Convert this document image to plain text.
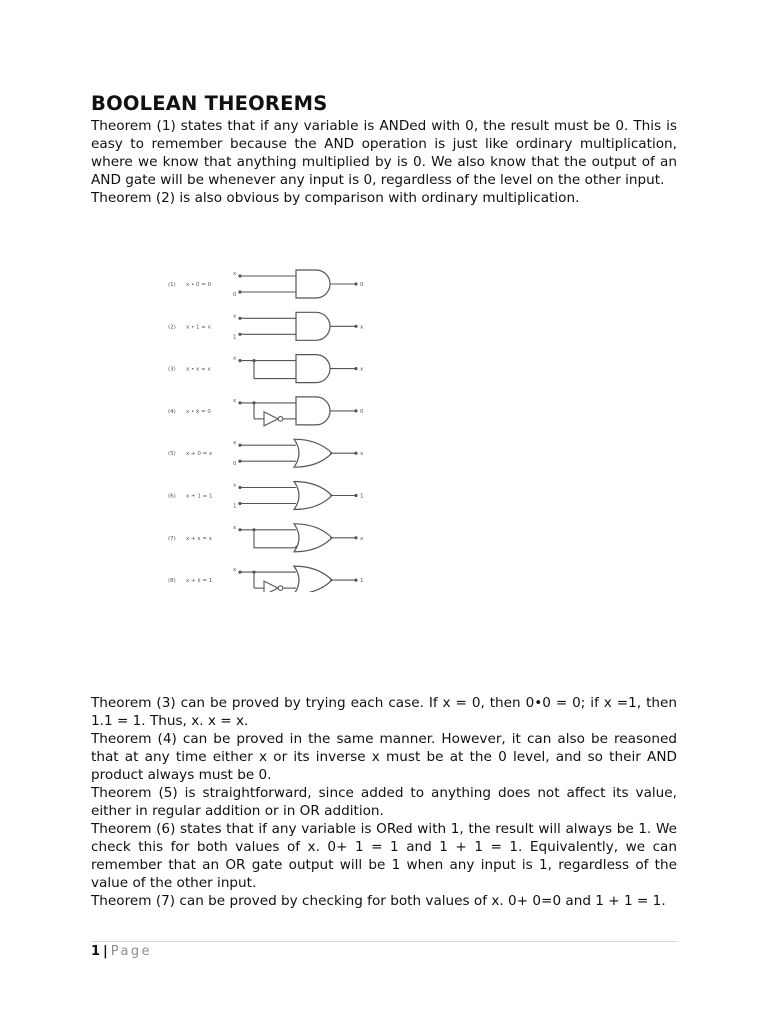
BOOLEAN THEOREMS

Theorem (1) states that if any variable is ANDed with 0, the result must be 0. This is easy to remember because the AND operation is just like ordinary multiplication, where we know that anything multiplied by is 0. We also know that the output of an AND gate will be whenever any input is 0, regardless of the level on the other input.

Theorem (2) is also obvious by comparison with ordinary multiplication.

(1) x • 0 = 0
x
0
0
(2) x • 1 = x
x
1
x
(3) x • x = x
x
x
(4) x • x̄ = 0
x
0
(5) x + 0 = x
x
0
x
(6) x + 1 = 1
x
1
1
(7) x + x = x
x
x
(8) x + x̄ = 1
x
1

Theorem (3) can be proved by trying each case. If x = 0, then 0•0 = 0; if x =1, then 1.1 = 1. Thus, x. x = x.

Theorem (4) can be proved in the same manner. However, it can also be reasoned that at any time either x or its inverse x must be at the 0 level, and so their AND product always must be 0.

Theorem (5) is straightforward, since added to anything does not affect its value, either in regular addition or in OR addition.

Theorem (6) states that if any variable is ORed with 1, the result will always be 1. We check this for both values of x. 0+ 1 = 1 and 1 + 1 = 1. Equivalently, we can remember that an OR gate output will be 1 when any input is 1, regardless of the value of the other input.

Theorem (7) can be proved by checking for both values of x. 0+ 0=0 and 1 + 1 = 1.

1 | Page
